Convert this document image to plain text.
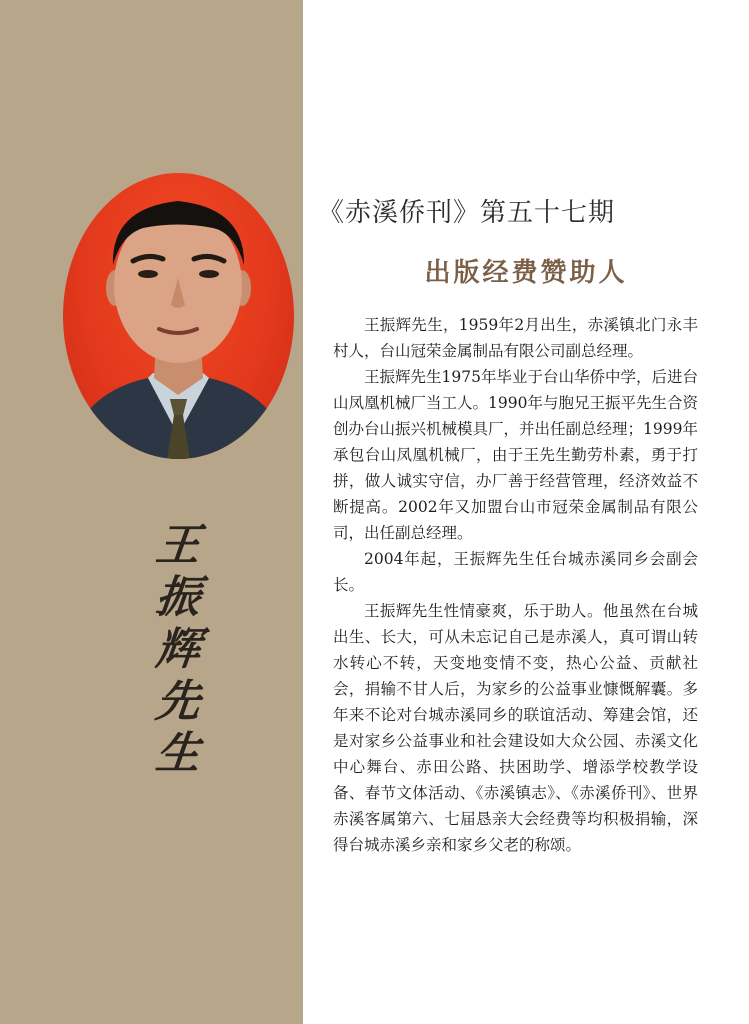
王
振
辉
先
生
《赤溪侨刊》第五十七期
出版经费赞助人

王振辉先生，1959年2月出生，赤溪镇北门永丰村人，台山冠荣金属制品有限公司副总经理。

王振辉先生1975年毕业于台山华侨中学，后进台山凤凰机械厂当工人。1990年与胞兄王振平先生合资创办台山振兴机械模具厂，并出任副总经理；1999年承包台山凤凰机械厂，由于王先生勤劳朴素，勇于打拼，做人诚实守信，办厂善于经营管理，经济效益不断提高。2002年又加盟台山市冠荣金属制品有限公司，出任副总经理。

2004年起，王振辉先生任台城赤溪同乡会副会长。

王振辉先生性情豪爽，乐于助人。他虽然在台城出生、长大，可从未忘记自己是赤溪人，真可谓山转水转心不转，天变地变情不变，热心公益、贡献社会，捐输不甘人后，为家乡的公益事业慷慨解囊。多年来不论对台城赤溪同乡的联谊活动、筹建会馆，还是对家乡公益事业和社会建设如大众公园、赤溪文化中心舞台、赤田公路、扶困助学、增添学校教学设备、春节文体活动、《赤溪镇志》、《赤溪侨刊》、世界赤溪客属第六、七届恳亲大会经费等均积极捐输，深得台城赤溪乡亲和家乡父老的称颂。
